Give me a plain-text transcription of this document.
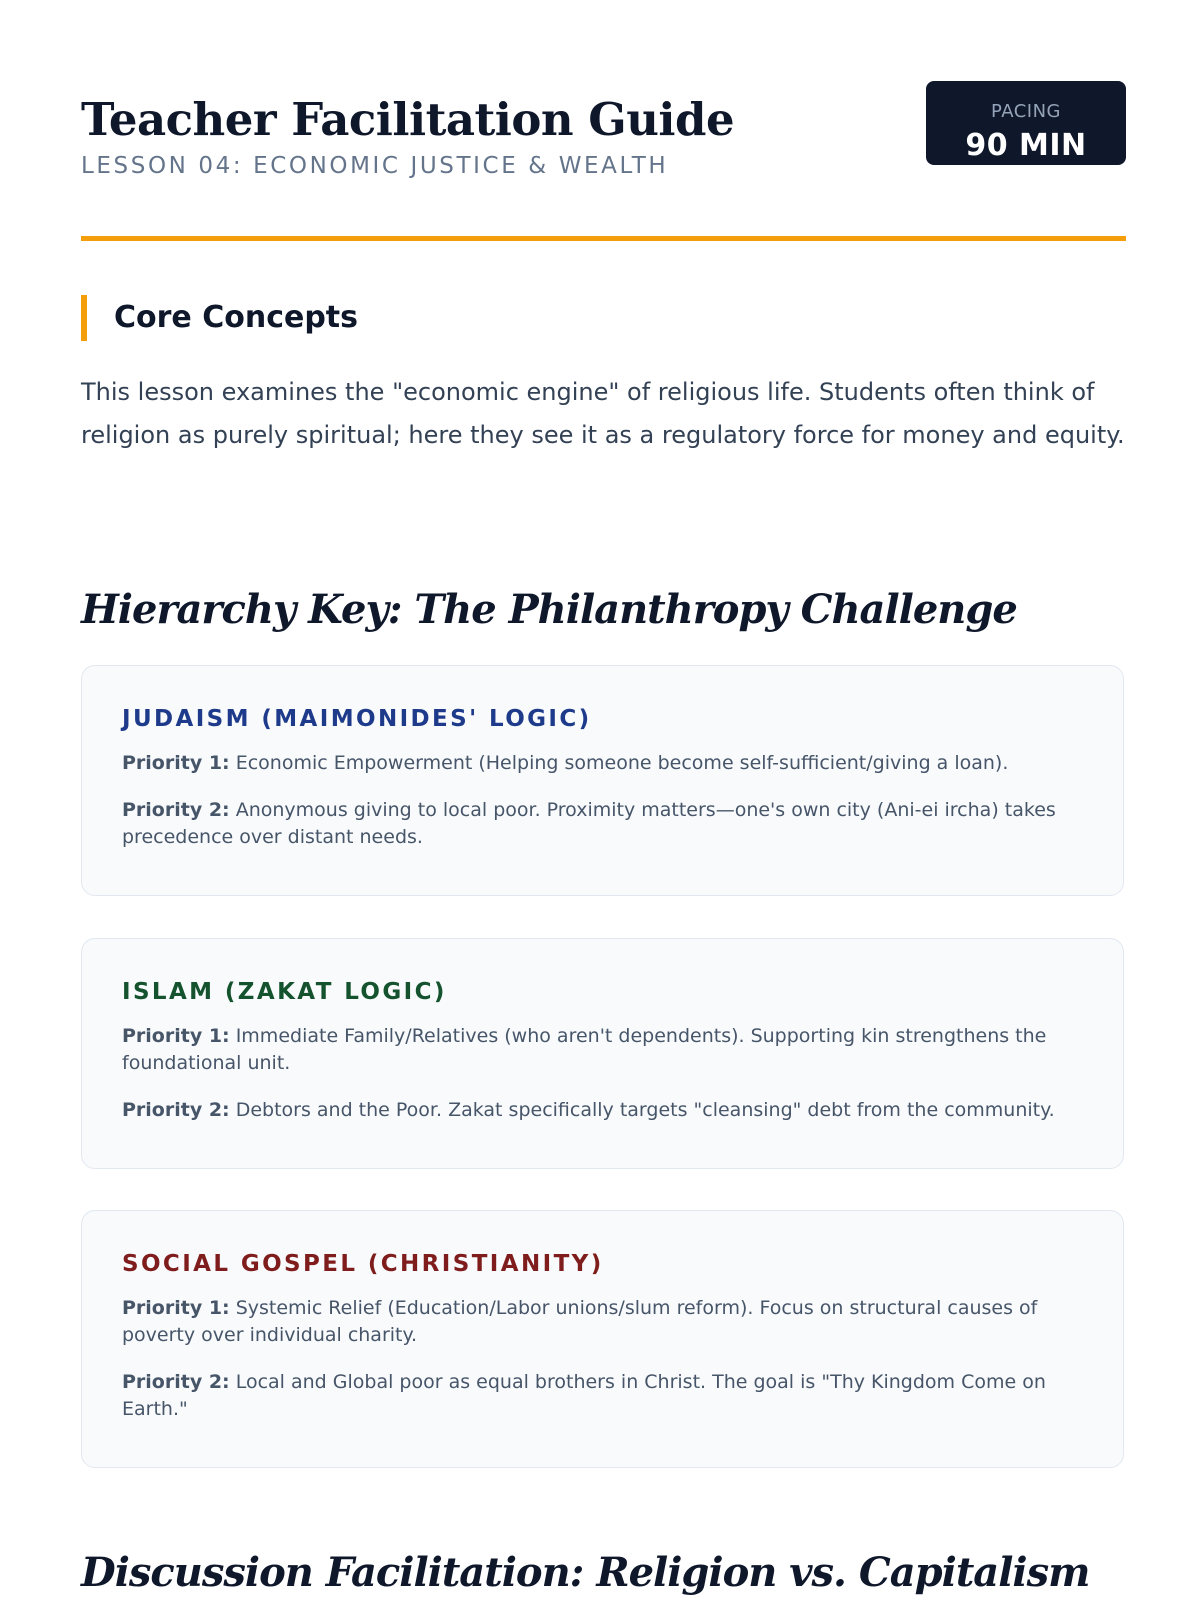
Teacher Facilitation Guide

LESSON 04: ECONOMIC JUSTICE & WEALTH

PACING
90 MIN
Core Concepts

This lesson examines the "economic engine" of religious life. Students often think of religion as purely spiritual; here they see it as a regulatory force for money and equity.

Hierarchy Key: The Philanthropy Challenge
JUDAISM (MAIMONIDES' LOGIC)

Priority 1: Economic Empowerment (Helping someone become self-sufficient/giving a loan).

Priority 2: Anonymous giving to local poor. Proximity matters—one's own city (Ani-ei ircha) takes precedence over distant needs.

ISLAM (ZAKAT LOGIC)

Priority 1: Immediate Family/Relatives (who aren't dependents). Supporting kin strengthens the foundational unit.

Priority 2: Debtors and the Poor. Zakat specifically targets "cleansing" debt from the community.

SOCIAL GOSPEL (CHRISTIANITY)

Priority 1: Systemic Relief (Education/Labor unions/slum reform). Focus on structural causes of poverty over individual charity.

Priority 2: Local and Global poor as equal brothers in Christ. The goal is "Thy Kingdom Come on Earth."

Discussion Facilitation: Religion vs. Capitalism
